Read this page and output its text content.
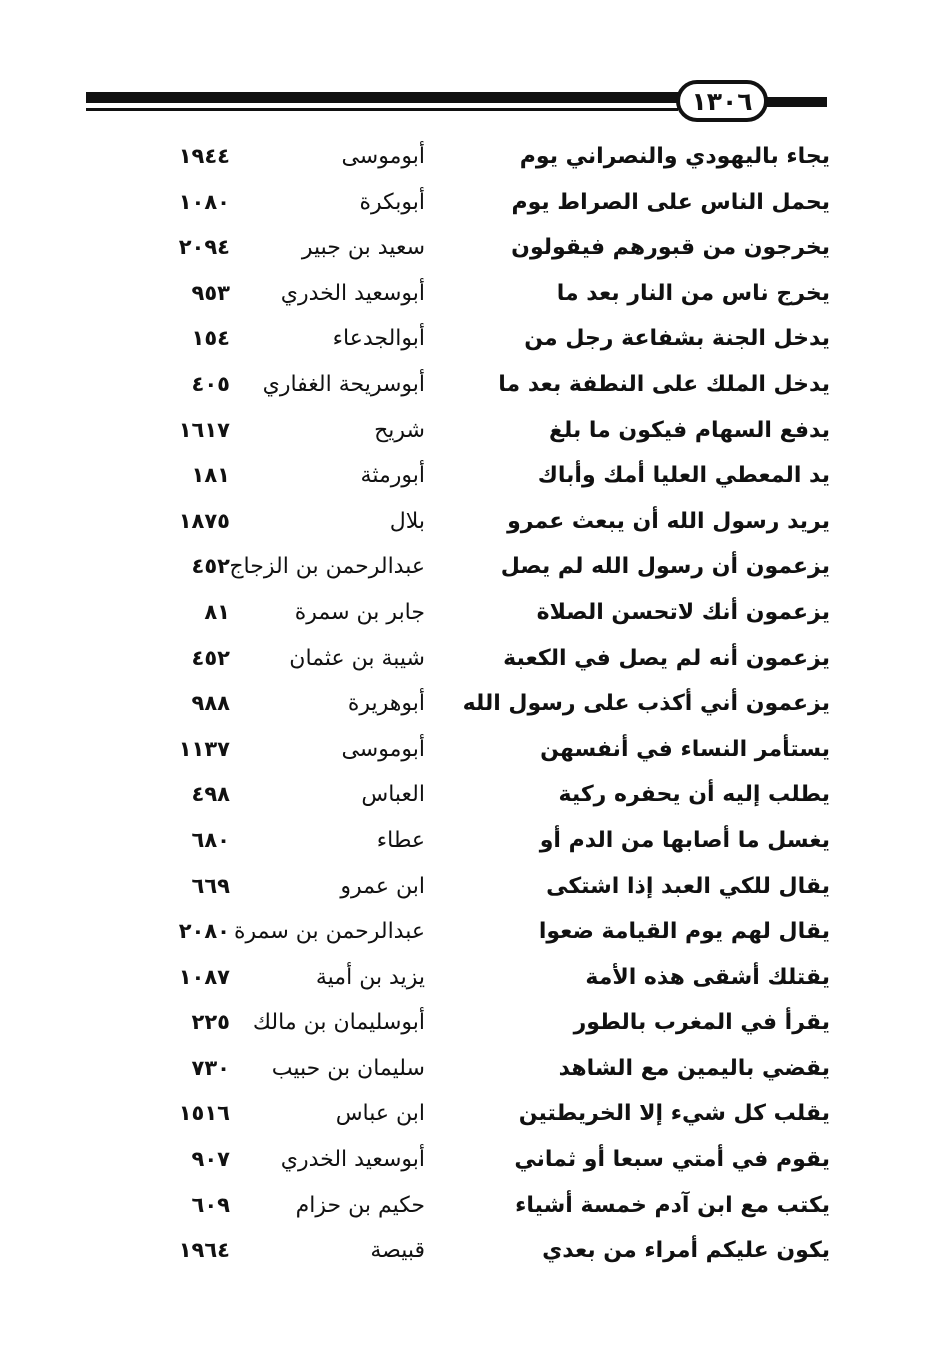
١٣٠٦
يجاء باليهودي والنصراني يوم
أبوموسى
١٩٤٤
يحمل الناس على الصراط يوم
أبوبكرة
١٠٨٠
يخرجون من قبورهم فيقولون
سعيد بن جبير
٢٠٩٤
يخرج ناس من النار بعد ما
أبوسعيد الخدري
٩٥٣
يدخل الجنة بشفاعة رجل من
أبوالجدعاء
١٥٤
يدخل الملك على النطفة بعد ما
أبوسريحة الغفاري
٤٠٥
يدفع السهام فيكون ما بلغ
شريح
١٦١٧
يد المعطي العليا أمك وأباك
أبورمثة
١٨١
يريد رسول الله أن يبعث عمرو
بلال
١٨٧٥
يزعمون أن رسول الله لم يصل
عبدالرحمن بن الزجاج
٤٥٢
يزعمون أنك لاتحسن الصلاة
جابر بن سمرة
٨١
يزعمون أنه لم يصل في الكعبة
شيبة بن عثمان
٤٥٢
يزعمون أني أكذب على رسول الله
أبوهريرة
٩٨٨
يستأمر النساء في أنفسهن
أبوموسى
١١٣٧
يطلب إليه أن يحفره ركية
العباس
٤٩٨
يغسل ما أصابها من الدم أو
عطاء
٦٨٠
يقال للكي العبد إذا اشتكى
ابن عمرو
٦٦٩
يقال لهم يوم القيامة ضعوا
عبدالرحمن بن سمرة
٢٠٨٠
يقتلك أشقى هذه الأمة
يزيد بن أمية
١٠٨٧
يقرأ في المغرب بالطور
أبوسليمان بن مالك
٢٢٥
يقضي باليمين مع الشاهد
سليمان بن حبيب
٧٣٠
يقلب كل شيء إلا الخريطتين
ابن عباس
١٥١٦
يقوم في أمتي سبعا أو ثماني
أبوسعيد الخدري
٩٠٧
يكتب مع ابن آدم خمسة أشياء
حكيم بن حزام
٦٠٩
يكون عليكم أمراء من بعدي
قبيصة
١٩٦٤
